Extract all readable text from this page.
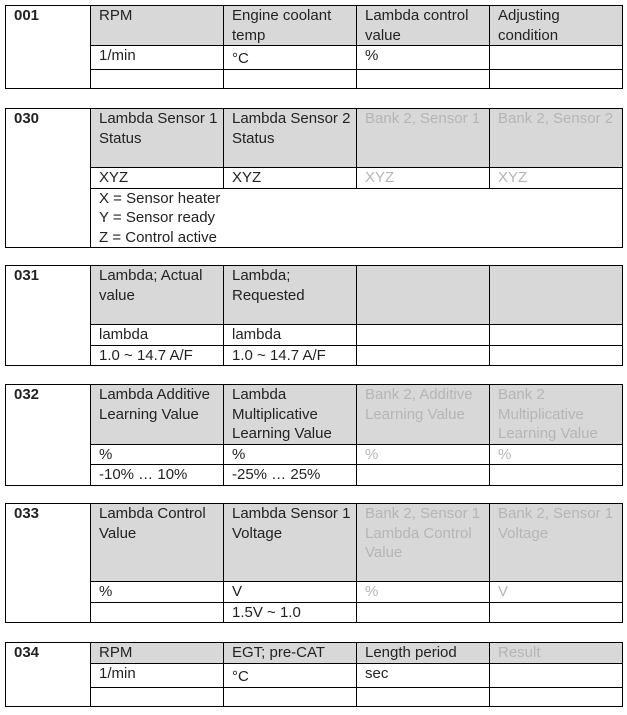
001	RPM	Engine coolant temp	Lambda control value	Adjusting condition
	1/min	°C	%	

030	Lambda Sensor 1 Status	Lambda Sensor 2 Status	Bank 2, Sensor 1	Bank 2, Sensor 2
	XYZ	XYZ	XYZ	XYZ
	X = Sensor heater
Y = Sensor ready
Z = Control active			
031	Lambda; Actual value	Lambda; Requested		
	lambda	lambda		
	1.0 ~ 14.7 A/F	1.0 ~ 14.7 A/F		
032	Lambda Additive Learning Value	Lambda Multiplicative Learning Value	Bank 2, Additive Learning Value	Bank 2 Multiplicative Learning Value
	%	%	%	%
	-10% … 10%	-25% … 25%		
033	Lambda Control Value	Lambda Sensor 1 Voltage	Bank 2, Sensor 1 Lambda Control Value	Bank 2, Sensor 1 Voltage
	%	V	%	V
		1.5V ~ 1.0		
034	RPM	EGT; pre-CAT	Length period	Result
	1/min	°C	sec	
